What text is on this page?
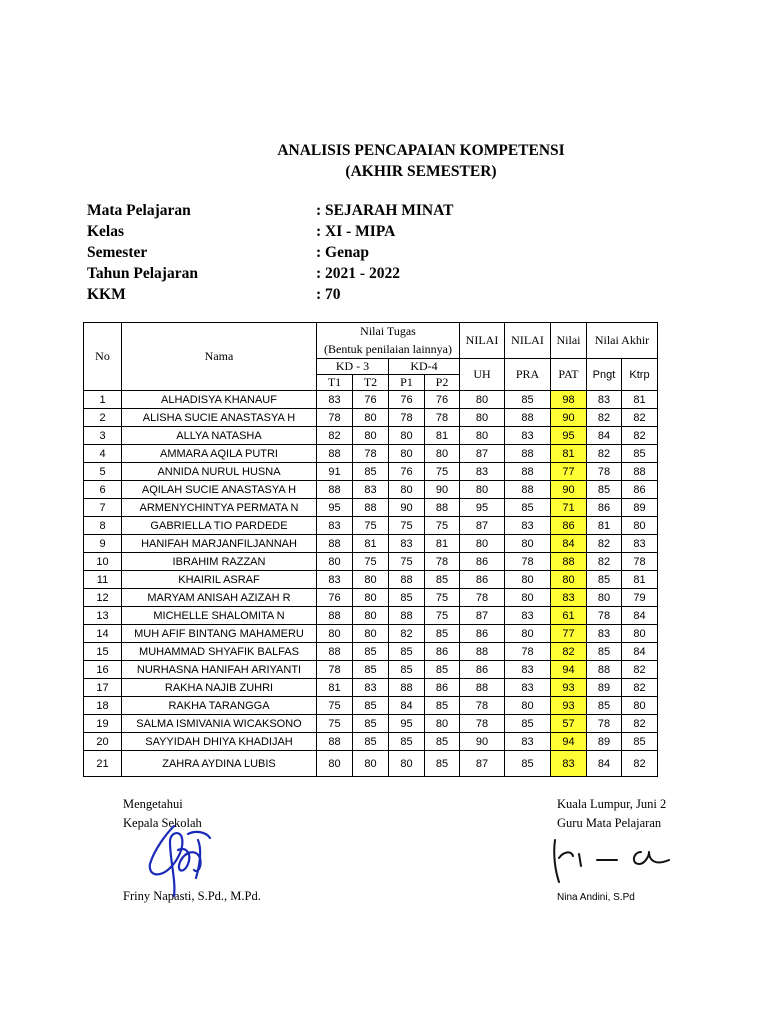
ANALISIS PENCAPAIAN KOMPETENSI
(AKHIR SEMESTER)
Mata Pelajaran	: SEJARAH MINAT
Kelas	: XI - MIPA
Semester	: Genap
Tahun Pelajaran	: 2021 - 2022
KKM	: 70
No	Nama	Nilai Tugas				NILAI	NILAI	Nilai	Nilai Akhir	
		(Bentuk penilaian lainnya)								
		KD - 3		KD-4		UH	PRA	PAT	Pngt	Ktrp
		T1	T2	P1	P2					
1	ALHADISYA KHANAUF	83	76	76	76	80	85	98	83	81
2	ALISHA SUCIE ANASTASYA H	78	80	78	78	80	88	90	82	82
3	ALLYA NATASHA	82	80	80	81	80	83	95	84	82
4	AMMARA AQILA PUTRI	88	78	80	80	87	88	81	82	85
5	ANNIDA NURUL HUSNA	91	85	76	75	83	88	77	78	88
6	AQILAH SUCIE ANASTASYA H	88	83	80	90	80	88	90	85	86
7	ARMENYCHINTYA PERMATA N	95	88	90	88	95	85	71	86	89
8	GABRIELLA TIO PARDEDE	83	75	75	75	87	83	86	81	80
9	HANIFAH MARJANFILJANNAH	88	81	83	81	80	80	84	82	83
10	IBRAHIM RAZZAN	80	75	75	78	86	78	88	82	78
11	KHAIRIL ASRAF	83	80	88	85	86	80	80	85	81
12	MARYAM ANISAH AZIZAH R	76	80	85	75	78	80	83	80	79
13	MICHELLE SHALOMITA N	88	80	88	75	87	83	61	78	84
14	MUH AFIF BINTANG MAHAMERU	80	80	82	85	86	80	77	83	80
15	MUHAMMAD SHYAFIK BALFAS	88	85	85	86	88	78	82	85	84
16	NURHASNA HANIFAH ARIYANTI	78	85	85	85	86	83	94	88	82
17	RAKHA NAJIB ZUHRI	81	83	88	86	88	83	93	89	82
18	RAKHA TARANGGA	75	85	84	85	78	80	93	85	80
19	SALMA ISMIVANIA WICAKSONO	75	85	95	80	78	85	57	78	82
20	SAYYIDAH DHIYA KHADIJAH	88	85	85	85	90	83	94	89	85
21	ZAHRA AYDINA LUBIS	80	80	80	85	87	85	83	84	82
Mengetahui
Kepala Sekolah
Friny Napasti, S.Pd., M.Pd.
Kuala Lumpur, Juni 2
Guru Mata Pelajaran
Nina Andini, S.Pd
